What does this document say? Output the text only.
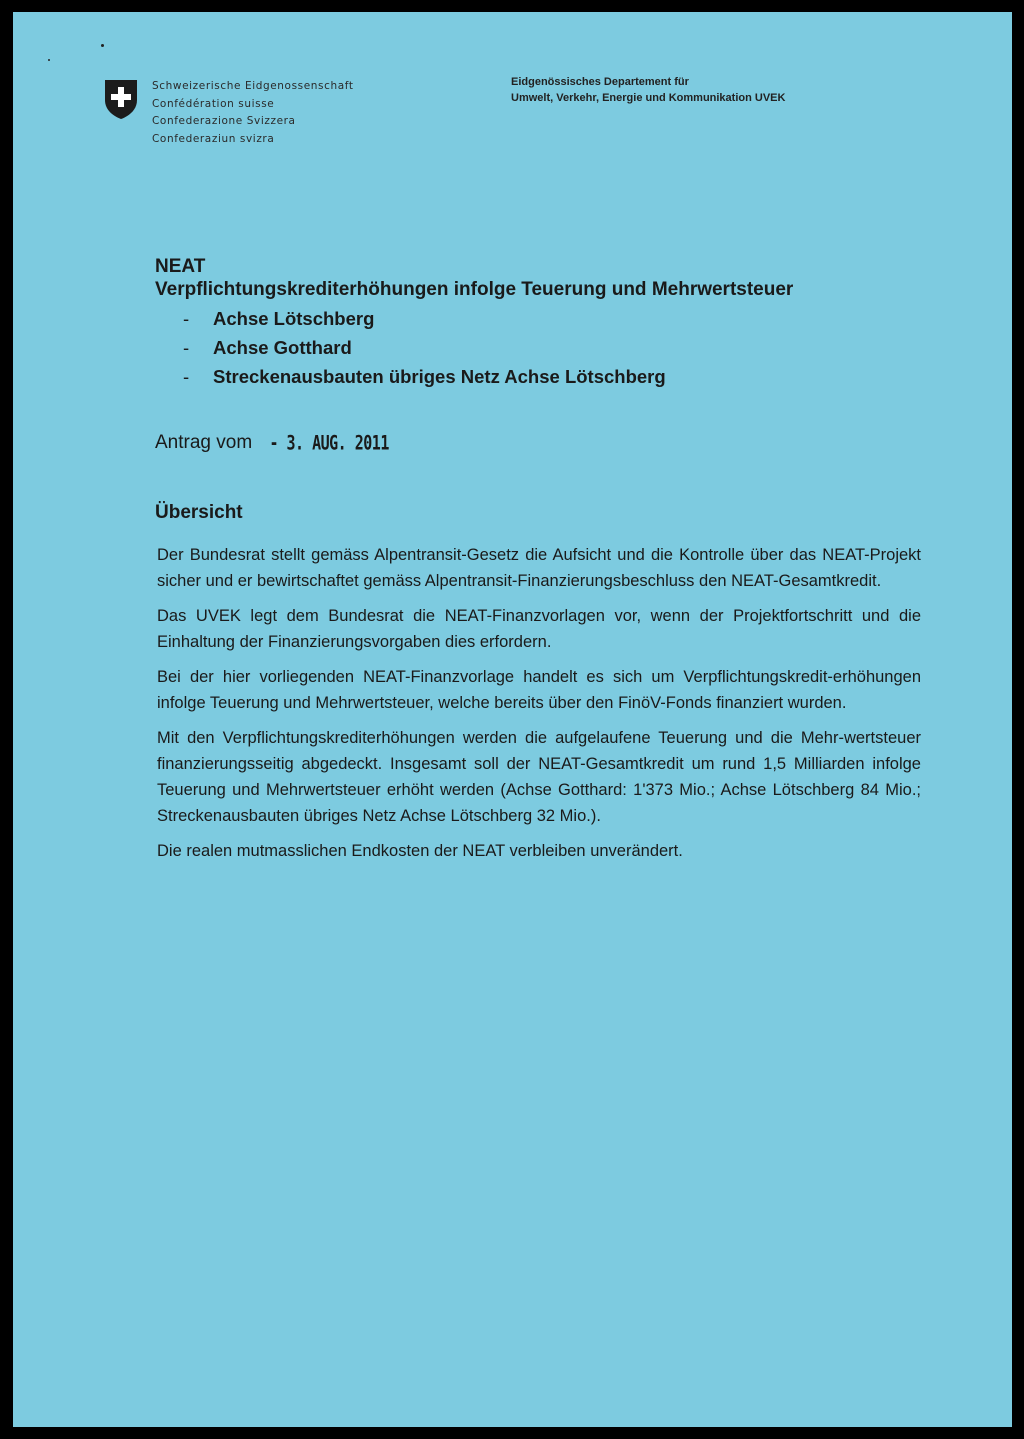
Schweizerische Eidgenossenschaft
Confédération suisse
Confederazione Svizzera
Confederaziun svizra
Eidgenössisches Departement für
Umwelt, Verkehr, Energie und Kommunikation UVEK
NEAT
Verpflichtungskrediterhöhungen infolge Teuerung und Mehrwertsteuer
- Achse Lötschberg
- Achse Gotthard
- Streckenausbauten übriges Netz Achse Lötschberg
Antrag vom - 3. AUG. 2011
Übersicht

Der Bundesrat stellt gemäss Alpentransit-Gesetz die Aufsicht und die Kontrolle über das NEAT-Projekt sicher und er bewirtschaftet gemäss Alpentransit-Finanzierungsbeschluss den NEAT-Gesamtkredit.

Das UVEK legt dem Bundesrat die NEAT-Finanzvorlagen vor, wenn der Projektfortschritt und die Einhaltung der Finanzierungsvorgaben dies erfordern.

Bei der hier vorliegenden NEAT-Finanzvorlage handelt es sich um Verpflichtungskredit-erhöhungen infolge Teuerung und Mehrwertsteuer, welche bereits über den FinöV-Fonds finanziert wurden.

Mit den Verpflichtungskrediterhöhungen werden die aufgelaufene Teuerung und die Mehr-wertsteuer finanzierungsseitig abgedeckt. Insgesamt soll der NEAT-Gesamtkredit um rund 1,5 Milliarden infolge Teuerung und Mehrwertsteuer erhöht werden (Achse Gotthard: 1'373 Mio.; Achse Lötschberg 84 Mio.; Streckenausbauten übriges Netz Achse Lötschberg 32 Mio.).

Die realen mutmasslichen Endkosten der NEAT verbleiben unverändert.
